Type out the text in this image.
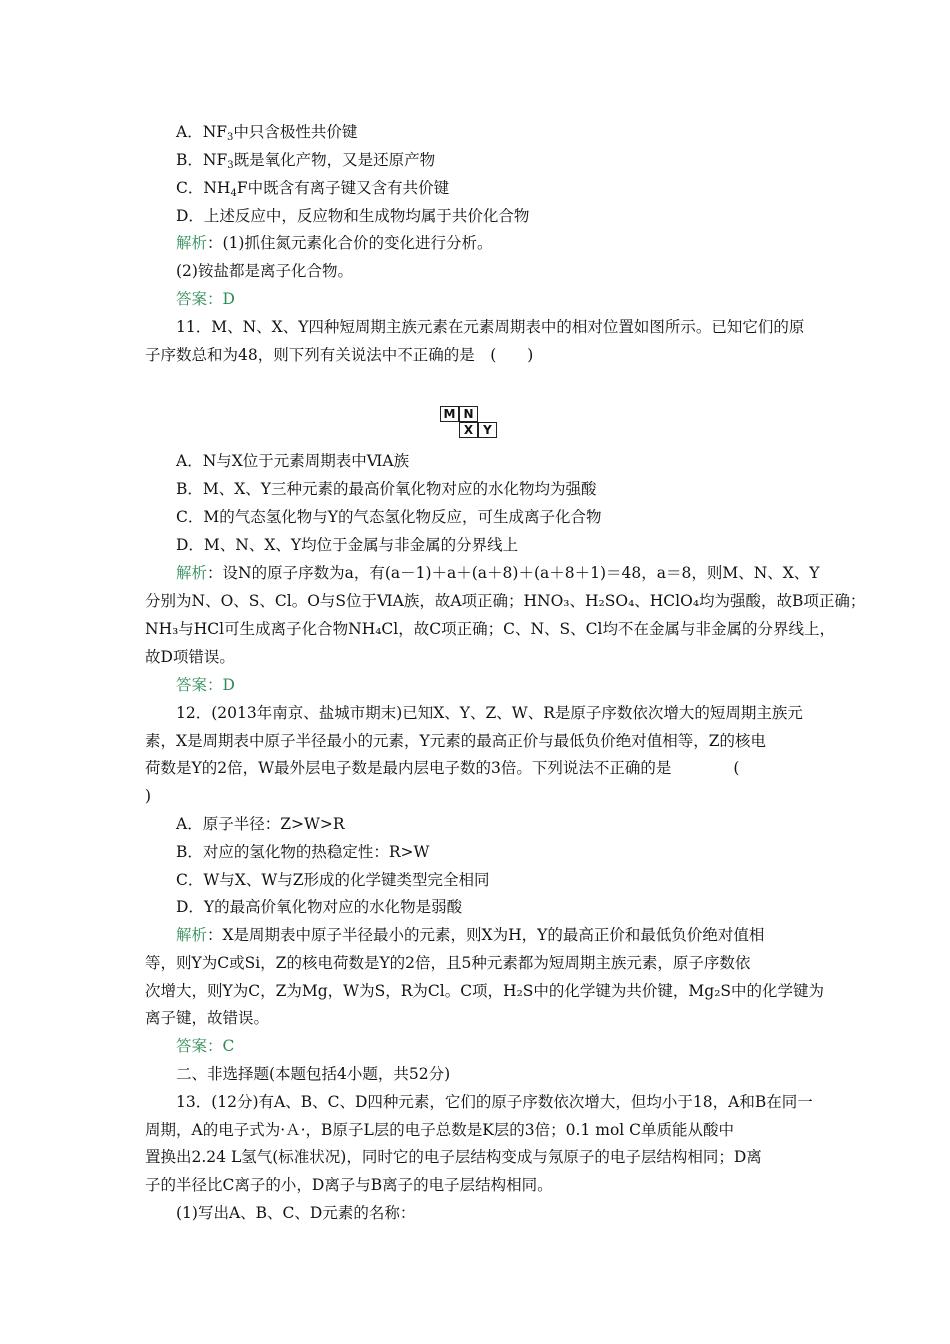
A．$NF_3$中只含极性共价键

B．$NF_3$既是氧化产物，又是还原产物

C．$NH_4F$中既含有离子键又含有共价键

D．上述反应中，反应物和生成物均属于共价化合物

解析：(1)抓住氮元素化合价的变化进行分析。

(2)铵盐都是离子化合物。

答案：D

11．M、N、X、Y四种短周期主族元素在元素周期表中的相对位置如图所示。已知它们的原

子序数总和为48，则下列有关说法中不正确的是　(　　)

M N
X Y

A．N与X位于元素周期表中ⅥA族

B．M、X、Y三种元素的最高价氧化物对应的水化物均为强酸

C．M的气态氢化物与Y的气态氢化物反应，可生成离子化合物

D．M、N、X、Y均位于金属与非金属的分界线上

解析：设N的原子序数为a，有(a－1)＋a＋(a＋8)＋(a＋8＋1)＝48，a＝8，则M、N、X、Y

分别为N、O、S、Cl。O与S位于ⅥA族，故A项正确；HNO₃、H₂SO₄、HClO₄均为强酸，故B项正确；

NH₃与HCl可生成离子化合物NH₄Cl，故C项正确；C、N、S、Cl均不在金属与非金属的分界线上，

故D项错误。

答案：D

12．(2013年南京、盐城市期末)已知X、Y、Z、W、R是原子序数依次增大的短周期主族元

素，X是周期表中原子半径最小的元素，Y元素的最高正价与最低负价绝对值相等，Z的核电

荷数是Y的2倍，W最外层电子数是最内层电子数的3倍。下列说法不正确的是　　　　(

)

A．原子半径：Z>W>R

B．对应的氢化物的热稳定性：R>W

C．W与X、W与Z形成的化学键类型完全相同

D．Y的最高价氧化物对应的水化物是弱酸

解析：X是周期表中原子半径最小的元素，则X为H，Y的最高正价和最低负价绝对值相

等，则Y为C或Si，Z的核电荷数是Y的2倍，且5种元素都为短周期主族元素，原子序数依

次增大，则Y为C，Z为Mg，W为S，R为Cl。C项，H₂S中的化学键为共价键，Mg₂S中的化学键为

离子键，故错误。

答案：C

二、非选择题(本题包括4小题，共52分)

13．(12分)有A、B、C、D四种元素，它们的原子序数依次增大，但均小于18，A和B在同一

周期，A的电子式为·Ａ·，B原子L层的电子总数是K层的3倍；0.1 mol C单质能从酸中

置换出2.24 L氢气(标准状况)，同时它的电子层结构变成与氖原子的电子层结构相同；D离

子的半径比C离子的小，D离子与B离子的电子层结构相同。

(1)写出A、B、C、D元素的名称：
